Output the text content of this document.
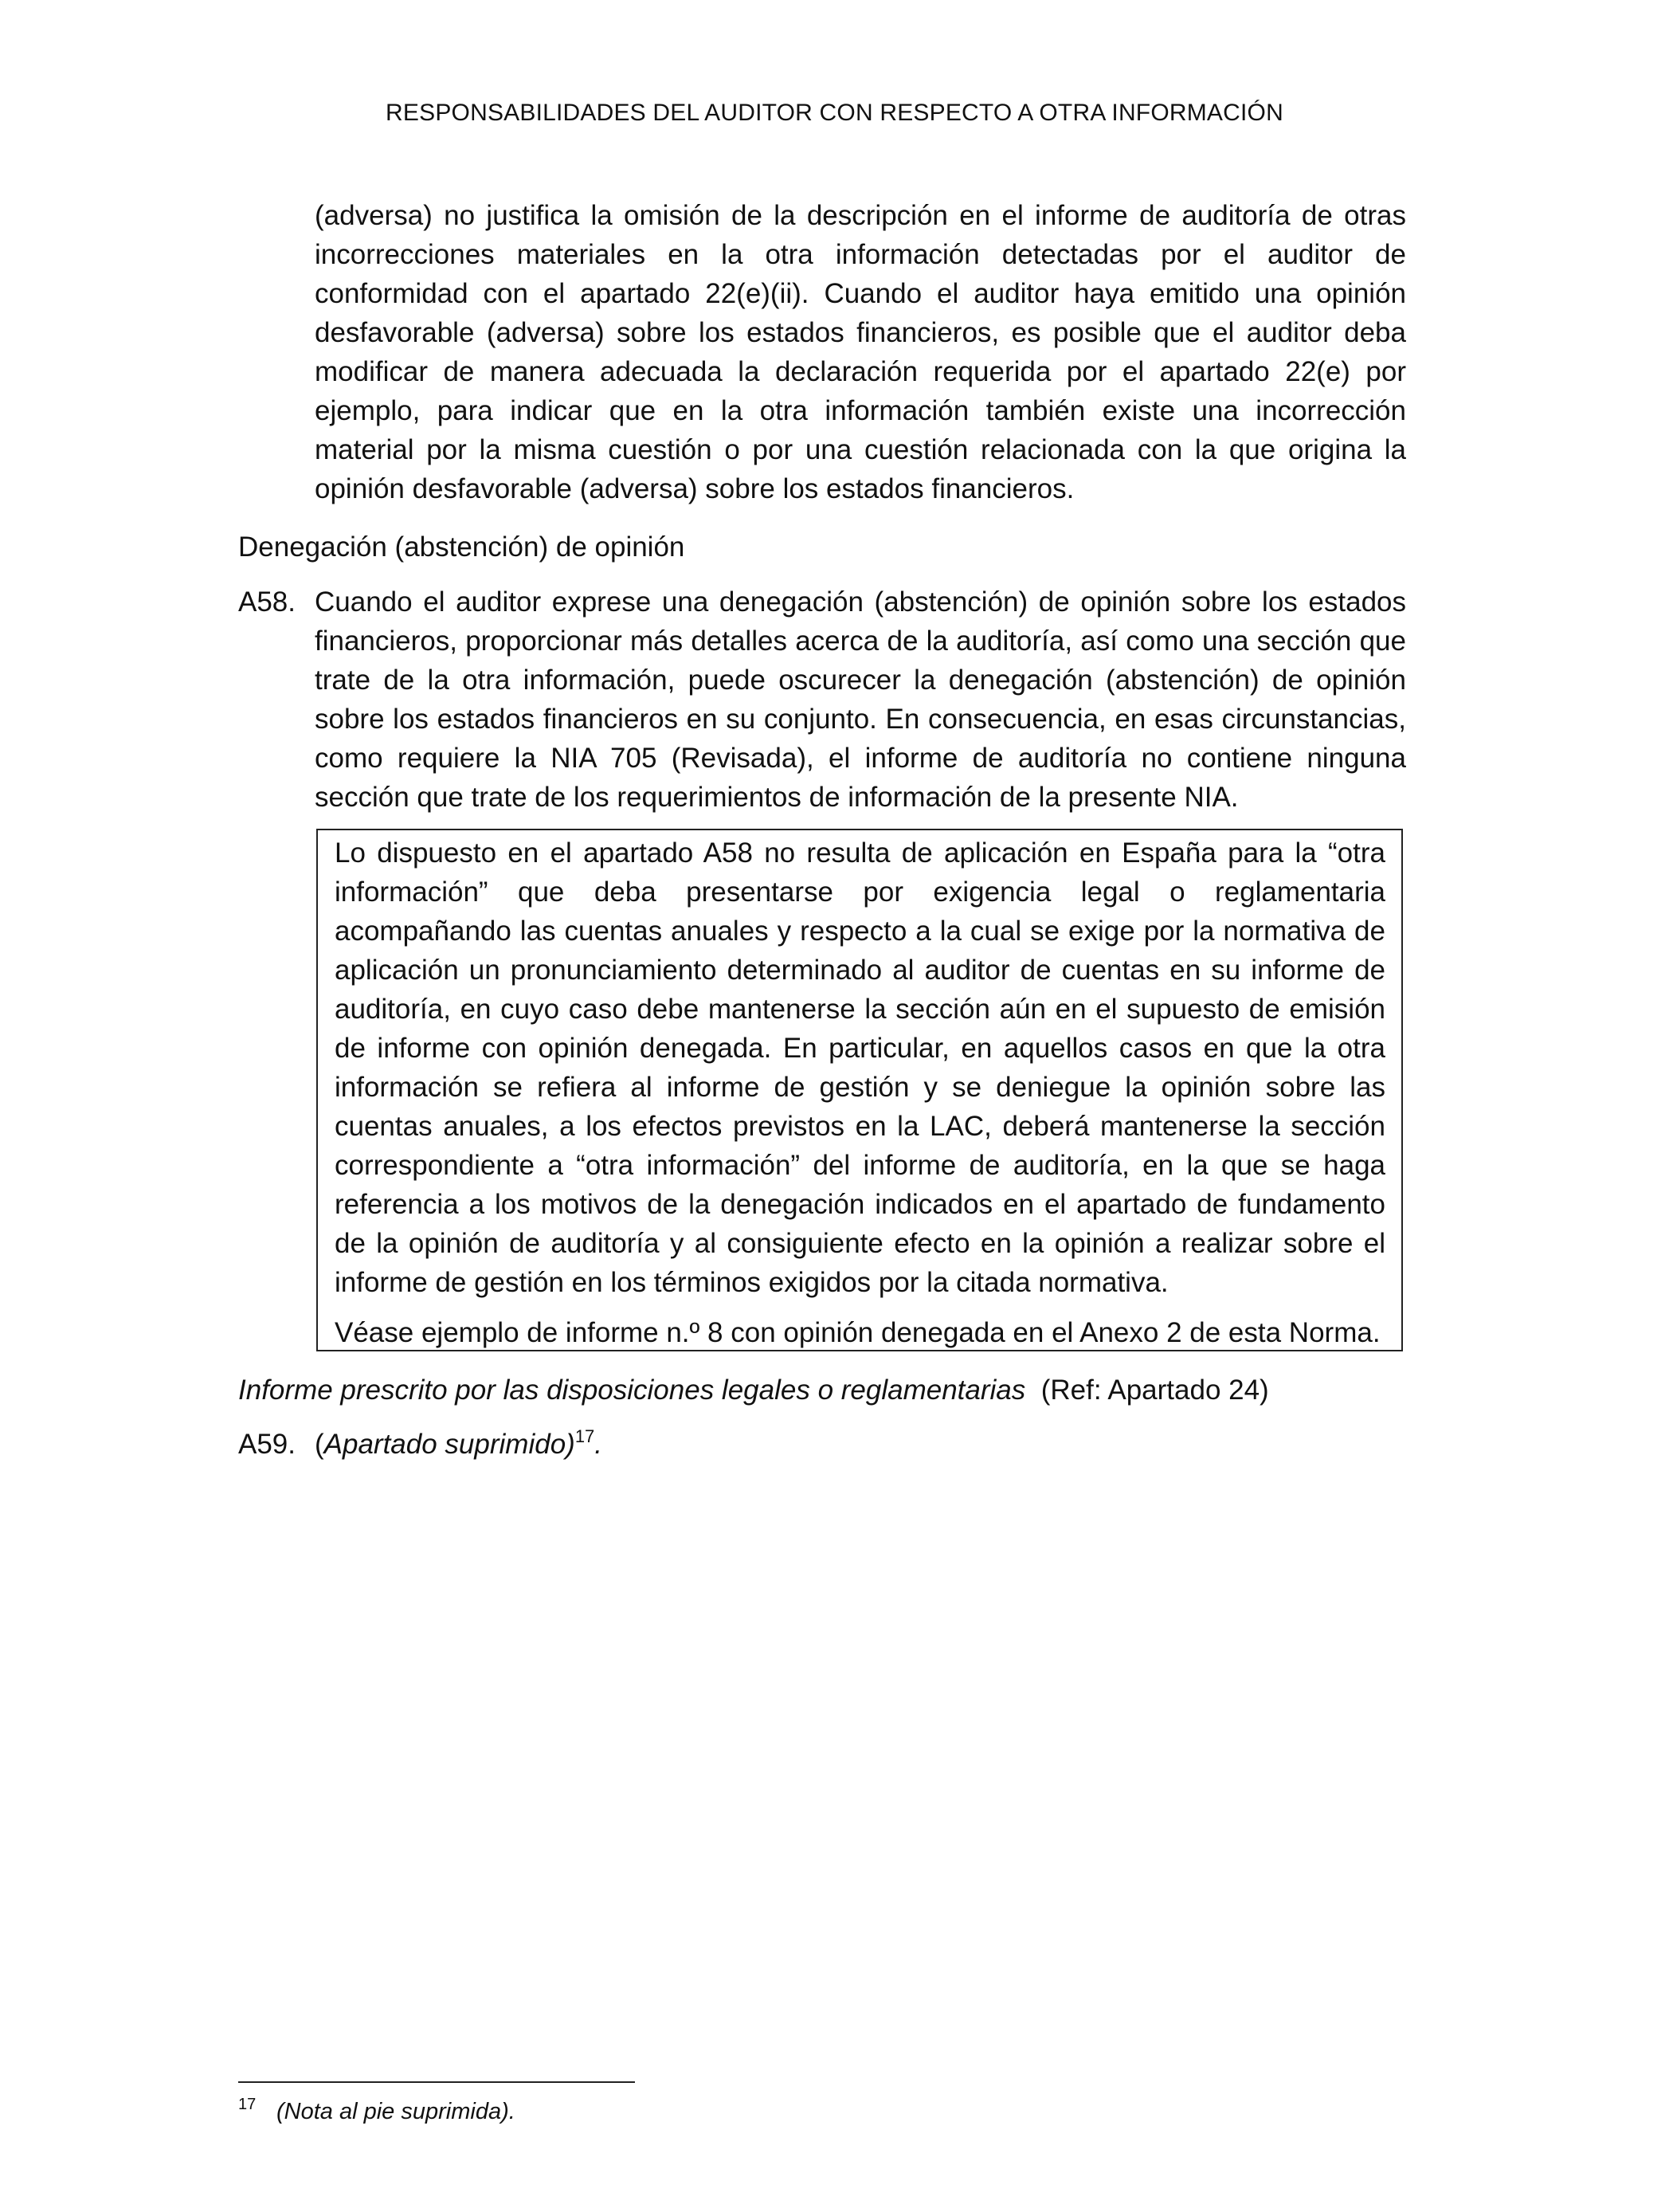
RESPONSABILIDADES DEL AUDITOR CON RESPECTO A OTRA INFORMACIÓN

(adversa) no justifica la omisión de la descripción en el informe de auditoría de otras incorrecciones materiales en la otra información detectadas por el auditor de conformidad con el apartado 22(e)(ii). Cuando el auditor haya emitido una opinión desfavorable (adversa) sobre los estados financieros, es posible que el auditor deba modificar de manera adecuada la declaración requerida por el apartado 22(e) por ejemplo, para indicar que en la otra información también existe una incorrección material por la misma cuestión o por una cuestión relacionada con la que origina la opinión desfavorable (adversa) sobre los estados financieros.

Denegación (abstención) de opinión
A58. Cuando el auditor exprese una denegación (abstención) de opinión sobre los estados financieros, proporcionar más detalles acerca de la auditoría, así como una sección que trate de la otra información, puede oscurecer la denegación (abstención) de opinión sobre los estados financieros en su conjunto. En consecuencia, en esas circunstancias, como requiere la NIA 705 (Revisada), el informe de auditoría no contiene ninguna sección que trate de los requerimientos de información de la presente NIA.

Lo dispuesto en el apartado A58 no resulta de aplicación en España para la “otra información” que deba presentarse por exigencia legal o reglamentaria acompañando las cuentas anuales y respecto a la cual se exige por la normativa de aplicación un pronunciamiento determinado al auditor de cuentas en su informe de auditoría, en cuyo caso debe mantenerse la sección aún en el supuesto de emisión de informe con opinión denegada. En particular, en aquellos casos en que la otra información se refiera al informe de gestión y se deniegue la opinión sobre las cuentas anuales, a los efectos previstos en la LAC, deberá mantenerse la sección correspondiente a “otra información” del informe de auditoría, en la que se haga referencia a los motivos de la denegación indicados en el apartado de fundamento de la opinión de auditoría y al consiguiente efecto en la opinión a realizar sobre el informe de gestión en los términos exigidos por la citada normativa.

Véase ejemplo de informe n.º 8 con opinión denegada en el Anexo 2 de esta Norma.

Informe prescrito por las disposiciones legales o reglamentarias (Ref: Apartado 24)
A59. (Apartado suprimido)$^{17}$.
17 (Nota al pie suprimida).
